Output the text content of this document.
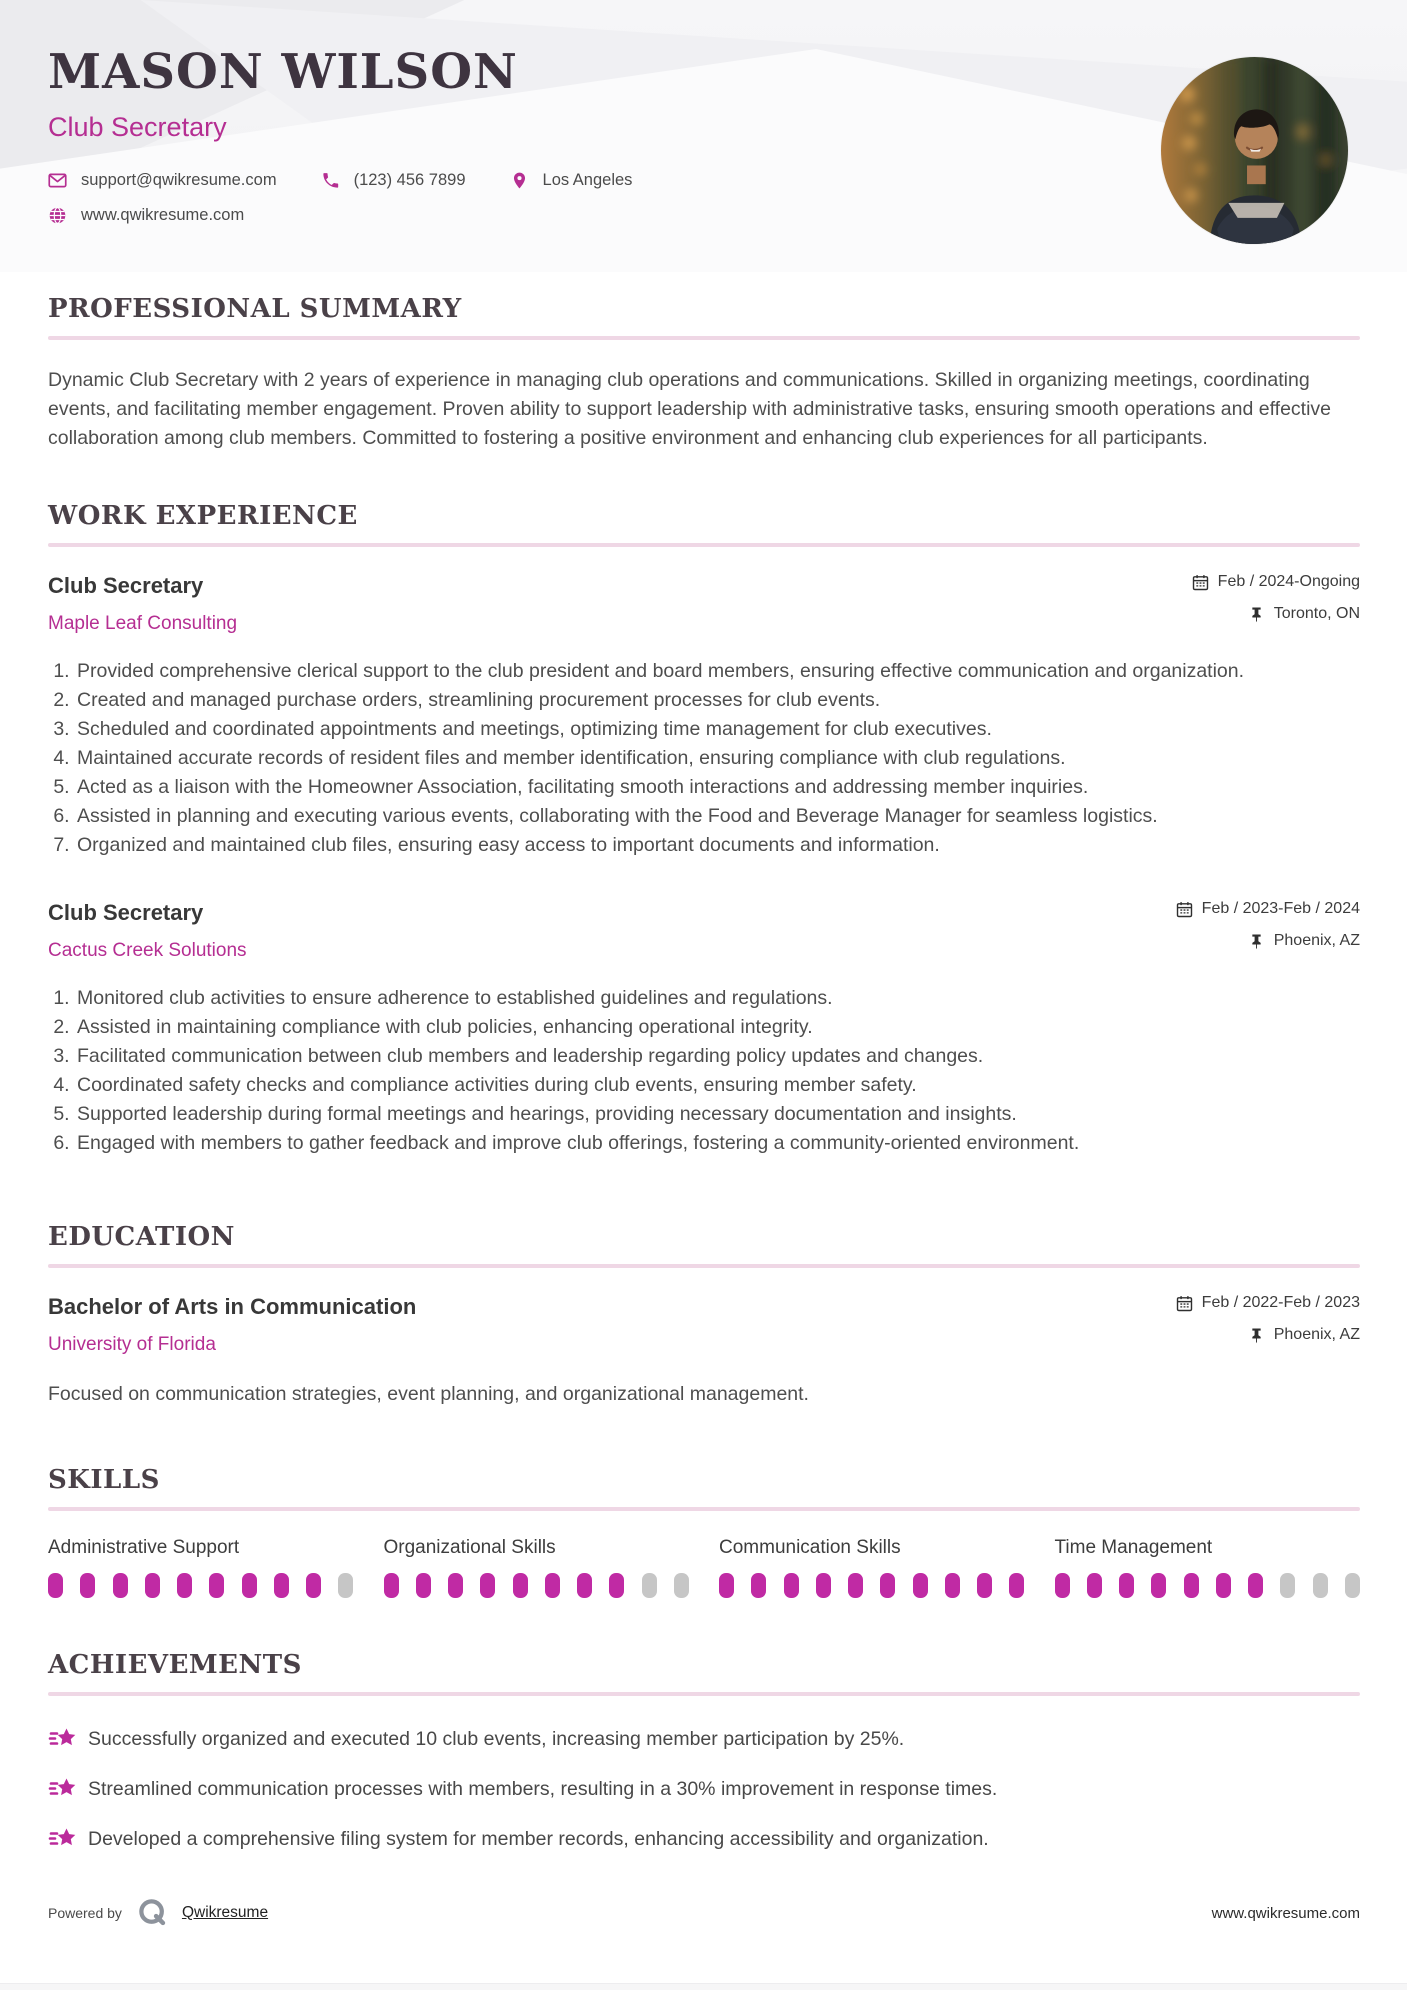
MASON WILSON
Club Secretary
support@qwikresume.com	(123) 456 7899	Los Angeles
www.qwikresume.com
PROFESSIONAL SUMMARY

Dynamic Club Secretary with 2 years of experience in managing club operations and communications. Skilled in organizing meetings, coordinating events, and facilitating member engagement. Proven ability to support leadership with administrative tasks, ensuring smooth operations and effective collaboration among club members. Committed to fostering a positive environment and enhancing club experiences for all participants.

WORK EXPERIENCE
Club Secretary
Maple Leaf Consulting
Feb / 2024-Ongoing
Toronto, ON
1. Provided comprehensive clerical support to the club president and board members, ensuring effective communication and organization.
2. Created and managed purchase orders, streamlining procurement processes for club events.
3. Scheduled and coordinated appointments and meetings, optimizing time management for club executives.
4. Maintained accurate records of resident files and member identification, ensuring compliance with club regulations.
5. Acted as a liaison with the Homeowner Association, facilitating smooth interactions and addressing member inquiries.
6. Assisted in planning and executing various events, collaborating with the Food and Beverage Manager for seamless logistics.
7. Organized and maintained club files, ensuring easy access to important documents and information.
Club Secretary
Cactus Creek Solutions
Feb / 2023-Feb / 2024
Phoenix, AZ
1. Monitored club activities to ensure adherence to established guidelines and regulations.
2. Assisted in maintaining compliance with club policies, enhancing operational integrity.
3. Facilitated communication between club members and leadership regarding policy updates and changes.
4. Coordinated safety checks and compliance activities during club events, ensuring member safety.
5. Supported leadership during formal meetings and hearings, providing necessary documentation and insights.
6. Engaged with members to gather feedback and improve club offerings, fostering a community-oriented environment.
EDUCATION
Bachelor of Arts in Communication
University of Florida
Feb / 2022-Feb / 2023
Phoenix, AZ

Focused on communication strategies, event planning, and organizational management.

SKILLS
Administrative Support	Organizational Skills	Communication Skills	Time Management
ACHIEVEMENTS
Successfully organized and executed 10 club events, increasing member participation by 25%.
Streamlined communication processes with members, resulting in a 30% improvement in response times.
Developed a comprehensive filing system for member records, enhancing accessibility and organization.
Powered by	Qwikresume	www.qwikresume.com
